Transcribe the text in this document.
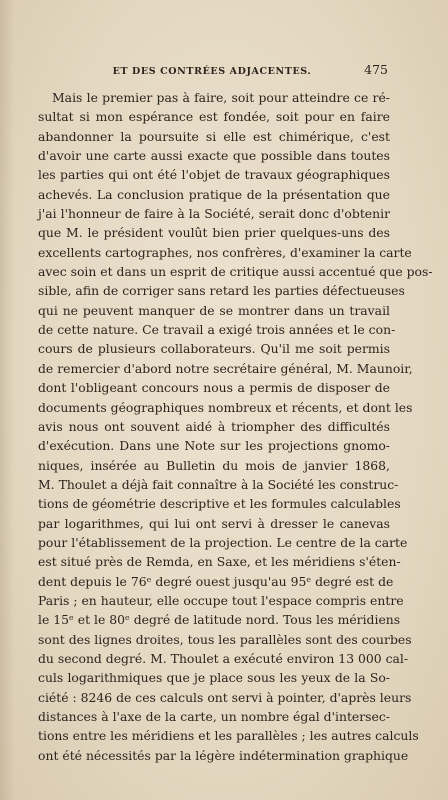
ET DES CONTRÉES ADJACENTES.	475
Mais le premier pas à faire, soit pour atteindre ce ré-
sultat si mon espérance est fondée, soit pour en faire
abandonner la poursuite si elle est chimérique, c'est
d'avoir une carte aussi exacte que possible dans toutes
les parties qui ont été l'objet de travaux géographiques
achevés. La conclusion pratique de la présentation que
j'ai l'honneur de faire à la Société, serait donc d'obtenir
que M. le président voulût bien prier quelques-uns des
excellents cartographes, nos confrères, d'examiner la carte
avec soin et dans un esprit de critique aussi accentué que pos-
sible, afin de corriger sans retard les parties défectueuses
qui ne peuvent manquer de se montrer dans un travail
de cette nature. Ce travail a exigé trois années et le con-
cours de plusieurs collaborateurs. Qu'il me soit permis
de remercier d'abord notre secrétaire général, M. Maunoir,
dont l'obligeant concours nous a permis de disposer de
documents géographiques nombreux et récents, et dont les
avis nous ont souvent aidé à triompher des difficultés
d'exécution. Dans une Note sur les projections gnomo-
niques, insérée au Bulletin du mois de janvier 1868,
M. Thoulet a déjà fait connaître à la Société les construc-
tions de géométrie descriptive et les formules calculables
par logarithmes, qui lui ont servi à dresser le canevas
pour l'établissement de la projection. Le centre de la carte
est situé près de Remda, en Saxe, et les méridiens s'éten-
dent depuis le 76ᵉ degré ouest jusqu'au 95ᵉ degré est de
Paris ; en hauteur, elle occupe tout l'espace compris entre
le 15ᵉ et le 80ᵉ degré de latitude nord. Tous les méridiens
sont des lignes droites, tous les parallèles sont des courbes
du second degré. M. Thoulet a exécuté environ 13 000 cal-
culs logarithmiques que je place sous les yeux de la So-
ciété : 8246 de ces calculs ont servi à pointer, d'après leurs
distances à l'axe de la carte, un nombre égal d'intersec-
tions entre les méridiens et les parallèles ; les autres calculs
ont été nécessités par la légère indétermination graphique
